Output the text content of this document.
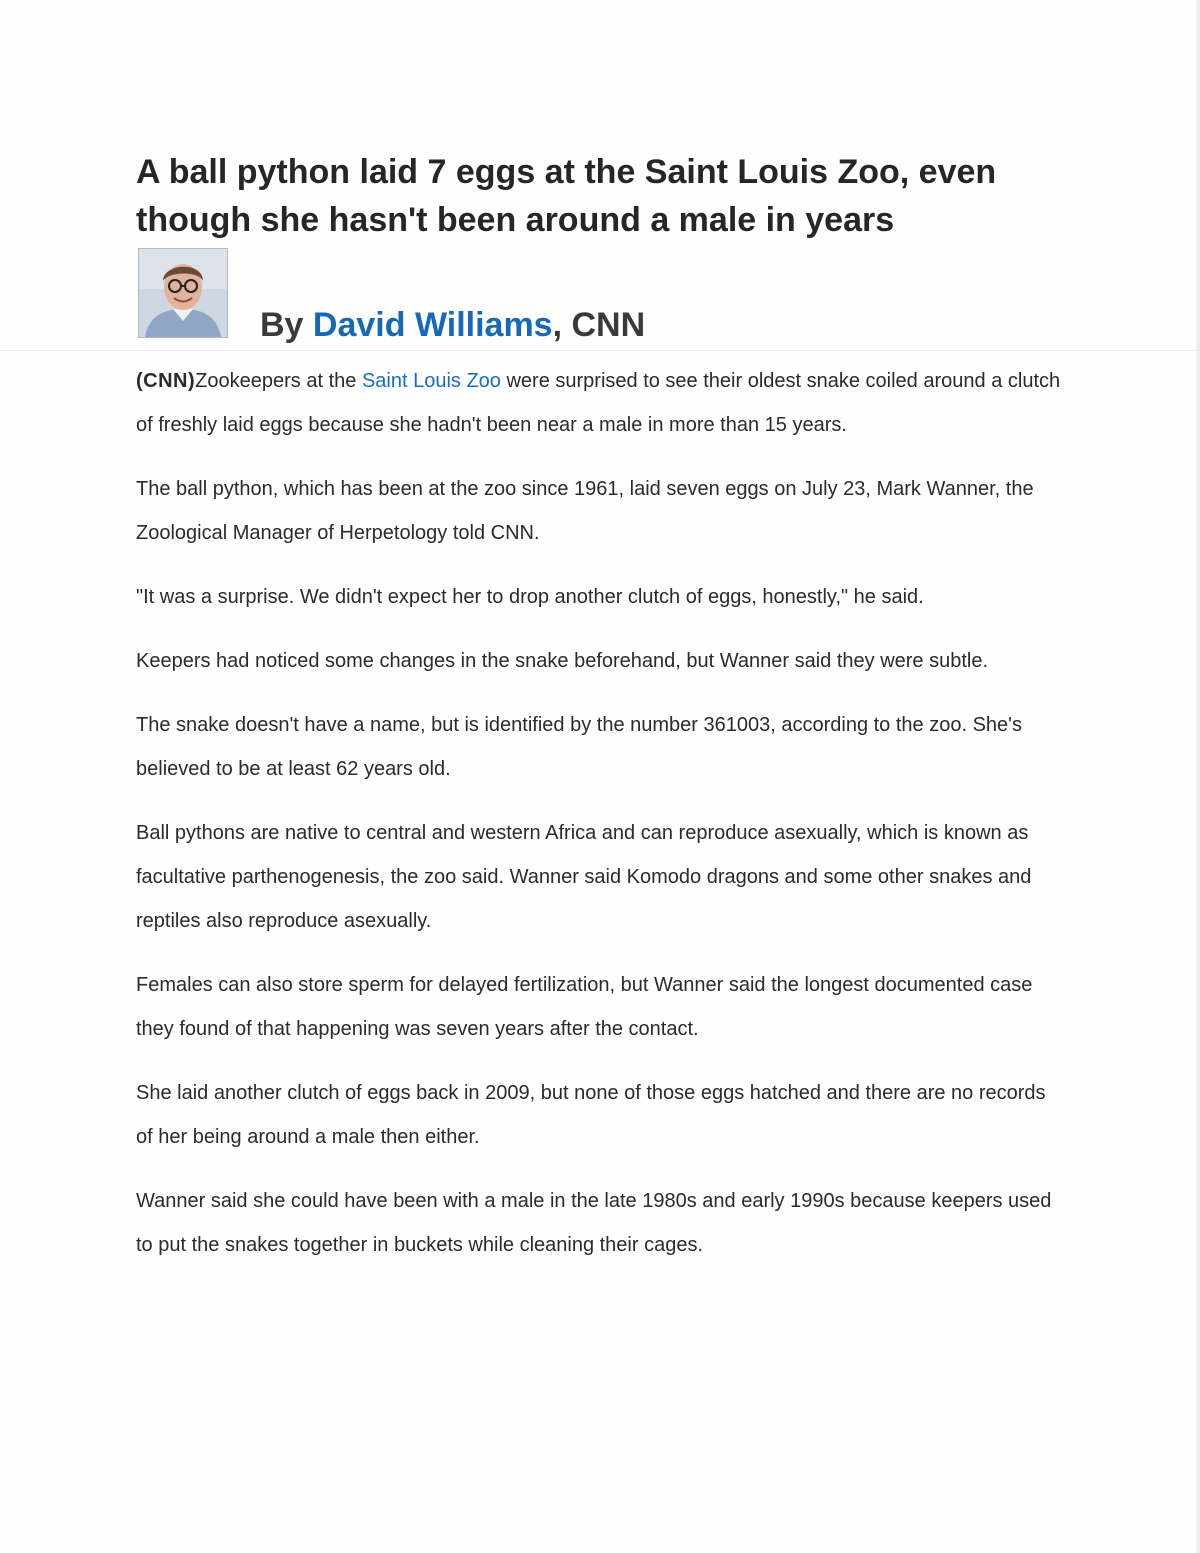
A ball python laid 7 eggs at the Saint Louis Zoo, even though she hasn't been around a male in years

By David Williams, CNN

(CNN)Zookeepers at the Saint Louis Zoo were surprised to see their oldest snake coiled around a clutch of freshly laid eggs because she hadn't been near a male in more than 15 years.

The ball python, which has been at the zoo since 1961, laid seven eggs on July 23, Mark Wanner, the Zoological Manager of Herpetology told CNN.

"It was a surprise. We didn't expect her to drop another clutch of eggs, honestly," he said.

Keepers had noticed some changes in the snake beforehand, but Wanner said they were subtle.

The snake doesn't have a name, but is identified by the number 361003, according to the zoo. She's believed to be at least 62 years old.

Ball pythons are native to central and western Africa and can reproduce asexually, which is known as facultative parthenogenesis, the zoo said. Wanner said Komodo dragons and some other snakes and reptiles also reproduce asexually.

Females can also store sperm for delayed fertilization, but Wanner said the longest documented case they found of that happening was seven years after the contact.

She laid another clutch of eggs back in 2009, but none of those eggs hatched and there are no records of her being around a male then either.

Wanner said she could have been with a male in the late 1980s and early 1990s because keepers used to put the snakes together in buckets while cleaning their cages.
